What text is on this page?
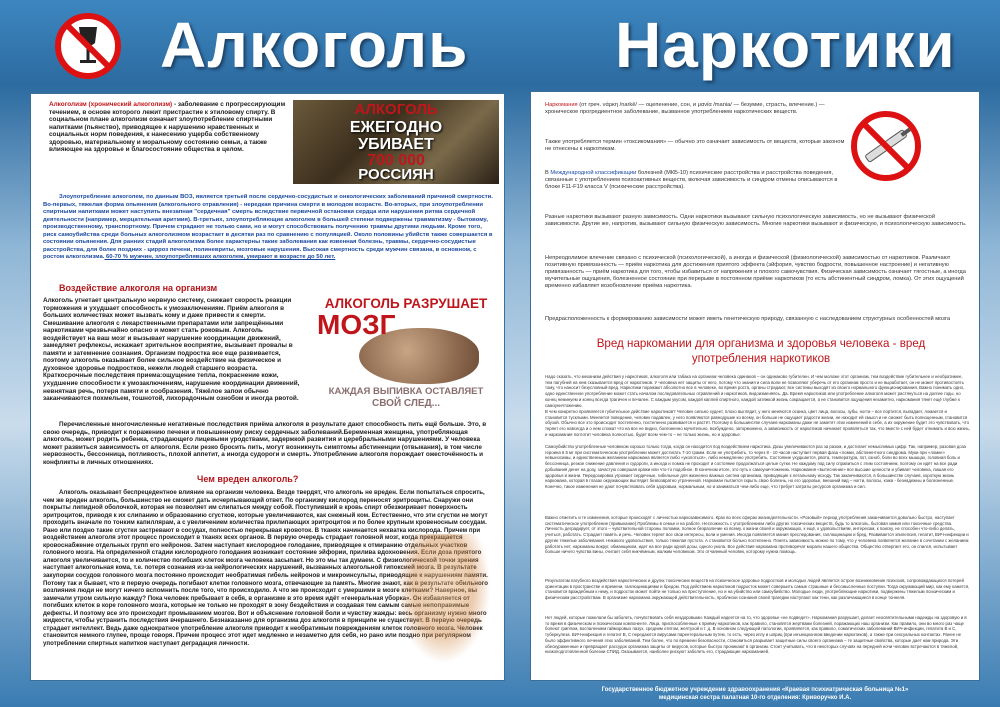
Алкоголь Наркотики
Алкоголизм (хронический алкоголизм) - заболевание с прогрессирующим течением, в основе которого лежит пристрастие к этиловому спирту. В социальном плане алкоголизм означает злоупотребление спиртными напитками (пьянство), приводящее к нарушению нравственных и социальных норм поведения, к нанесению ущерба собственному здоровью, материальному и моральному состоянию семьи, а также влияющее на здоровье и благосостояние общества в целом.
АЛКОГОЛЬ
ЕЖЕГОДНО
УБИВАЕТ
700 000
РОССИЯН
Злоупотребление алкоголем, по данным ВОЗ, является третьей после сердечно-сосудистых и онкологических заболеваний причиной смертности. Во-первых, тяжелая форма опьянения (алкогольного отравления) - нередкая причина смерти в молодом возрасте. Во-вторых, при злоупотреблении спиртными напитками может наступить внезапная "сердечная" смерть вследствие первичной остановки сердца или нарушения ритма сердечной деятельности (например, мерцательная аритмия). В-третьих, злоупотребляющие алкоголем в большей степени подвержены травматизму - бытовому, производственному, транспортному. Причем страдают не только сами, но и могут способствовать получению травмы другими людьми. Кроме того, риск самоубийства среди больных алкоголизмом возрастает в десятки раз по сравнению с популяцией. Около половины убийств также совершается в состоянии опьянения. Для ранних стадий алкоголизма более характерны такие заболевания как язвенная болезнь, травмы, сердечно-сосудистые расстройства, для более поздних - цирроз печени, полиневриты, мозговые нарушения. Высокая смертность среди мужчин связана, в основном, с ростом алкоголизма. 60-70 % мужчин, злоупотреблявших алкоголем, умирают в возрасте до 50 лет.
Воздействие алкоголя на организм
Алкоголь угнетает центральную нервную систему, снижает скорость реакции торможения и ухудшает способность к умозаключениям. Приём алкоголя в больших количествах может вызвать кому и даже привести к смерти. Смешивание алкоголя с лекарственными препаратами или запрещёнными наркотиками чрезвычайно опасно и может стать роковым. Алкоголь воздействует на ваш мозг и вызывает нарушение координации движений, замедляет рефлексы, искажает зрительное восприятие, вызывает провалы в памяти и затемнение сознания. Организм подростка все еще развивается, поэтому алкоголь оказывает более сильное воздействие на физическое и духовное здоровье подростков, нежели людей старшего возраста. Краткосрочные последствия приема:ощущение тепла, покраснение кожи, ухудшение способности к умозаключениям, нарушение координации движений, невнятная речь, потеря памяти и сообразения. Тяжёлое запои обычно заканчиваются похмельем, тошнотой, лихорадочным ознобом и иногда рвотой.
АЛКОГОЛЬ РАЗРУШАЕТ
МОЗГ
КАЖДАЯ ВЫПИВКА ОСТАВЛЯЕТ
СВОЙ СЛЕД...
Перечисленные многочисленные негативные последствия приёма алкоголя в результате дают способность пить ещё больше. Это, в свою очередь, приводит к поражению печени и повышенному риску сердечных заболеваний.Беременная женщина, употребляющая алкоголь, может родить ребенка, страдающего лицевыми уродствами, задержкой развития и церебральными нарушениями. У человека может развиться зависимость от алкоголя. Если резко бросить пить, могут возникнуть симптомы абстиненции (отвыкания), в том числе нервозность, бессонница, потливость, плохой аппетит, а иногда судороги и смерть. Употребление алкоголя порождает ожесточённость и конфликты в личных отношениях.
Чем вреден алкоголь?
Алкоголь оказывает беспрецедентное влияние на организм человека. Везде твердят, что алкоголь не вреден. Если попытаться спросить, чем же вреден алкоголь, большинство не сможет дать исчерпывающий ответ. По организму кислород переносят эритроциты. Снаружи они покрыты липидной оболочкой, которая не позволяет им слипаться между собой. Поступивший в кровь спирт обезжиривает поверхность эритроцитов, приводя к их слипанию и образованию сгустков, которые увеличиваются, как снежный ком. Естественно, что эти сгустки не могут проходить вначале по тонким капиллярам, а с увеличением количества прилипающих эритроцитов и по более крупным кровеносным сосудам. Рано или поздно такие сгустки застревают в сосудах, полностью перекрывая кровоток. В тканях начинается нехватка кислорода. Причем при воздействием алкоголя этот процесс происходит в тканях всех органов. В первую очередь страдает головной мозг, когда прекращается кровоснабжение отдельных групп его нейронов. Затем наступает кислородное голодание, приводящее к отмиранию отдельных участков головного мозга. На определенной стадии кислородного голодания возникает состояние эйфории, прилива вдохновения. Если доза приятого алкоголя увеличивается, то и количество погибших клеток мозга человека засыпает. Но это мы так думаем. С физиологической точки зрения наступает алкогольная кома, т.е. потеря сознания из-за нейрологических нарушений, вызванных алкогольной гипоксией мозга. В результате закупорки сосудов головного мозга постоянно происходит необратимая гибель нейронов и микроинсульты, приводящие к нарушениям памяти. Потому так и бывает, что в первую очередь погибают клетки головного мозга, отвечающие за память. Многие знают, как в результате обильного возлияния люди не могут ничего вспомнить после того, что происходило. А что же происходит с умершими в мозге клетками? Наверное, вы замечали утром сильную жажду? Пока человек пребывает в себя, в организме в это время идёт «генеральная уборка». Он избавляется от погибших клеток в коре головного мозга, которые не только не проходят в зону бездействия и создавая тем самым самые непоправимые дефекты. И поэтому все это происходит промыванием мозгов. Вот и объяснение головной боли и чувству жажды: весь организму нужно много жидкости, чтобы устранить последствия вчерашнего. Безнаказанно для организма доз алкоголя в принципе не существует. В первую очередь страдает интеллект. Ведь даже однократное употребление алкоголя приводит к необратимым повреждениям клеток головного мозга. Человек становится немного глупее, проще говоря. Причем процесс этот идет медленно и незаметно для себя, но рано или поздно при регулярном употреблении спиртных напитков наступает деградация личности.
Наркомания (от греч. νάρκη /narkē/ — оцепенение, сон, и μανία /mania/ — безумие, страсть, влечение.) — хроническое прогредиентное заболевание, вызванное употреблением наркотических веществ.
Также употребляется термин «токсикомания» — обычно это означает зависимость от веществ, которые законом не отнесены к наркотикам.
В Международной классификации болезней (МКБ-10) психические расстройства и расстройства поведения, связанные с употреблением психоактивных веществ, включая зависимость и синдром отмены описываются в блоке F11-F19 класса V (психические расстройства).
Разные наркотики вызывают разную зависимость. Одни наркотики вызывают сильную психологическую зависимость, но не вызывают физической зависимости. Другие же, напротив, вызывают сильную физическую зависимость. Многие наркотики вызывают и физическую, и психологическую зависимость.
Непреодолимое влечение связано с психической (психологической), а иногда и физической (физиологической) зависимостью от наркотиков. Различают позитивную привязанность — приём наркотика для достижения приятого эффекта (эйфория, чувство бодрости, повышенное настроение) и негативную привязанность — приём наркотика для того, чтобы избавиться от напряжения и плохого самочувствия. Физическая зависимость означает тягостные, а иногда мучительные ощущения, болезненное состояние при перерыве в постоянном приёме наркотиков (то есть абстинентный синдром, ломка). От этих ощущений временно избавляет возобновление приёма наркотика.
Предрасположенность к формированию зависимости может иметь генетическую природу, связанную с наследованием структурных особенностей мозга
Вред наркомании для организма и здоровья человека - вред употребления наркотиков
Надо сказать, что механизм действия у наркотиков, алкоголя или табака на организм человека одинаков – он одинаково губителен. И чем моложе этот организм, тем воздействие губительнее и необратимее, тем пагубней на нем сказывается вред от наркотиков. У человека нет защиты от него, потому что знания и сила воли не позволяют уберечь от его организм просто и не выработает, он не может противостоять тому, что наносит безусловный вред. Наркотики поражают абсолютно все в человеке, во время роста, органы страдают, все системы выходят из своего нормального функционирования. Важно понимать одно, одно единственное употребление может стать началом последовательных отравлений и наркотиков, видоизменяясь. Да. Время наркотиков или употребление алкоголя может растянуться на долгие годы, но конец неминуем и конец всегда трагичен и печален. С каждым укусом, каждой каплей спиртного, каждой затяжкой жизнь сокращается, а не становится ощущения незаметно, наркомания тянет ещё глубже к самоуничтожению.
В чем конкретно проявляется губительное действие наркотиков? Человек сильно худеет, плохо выглядит, у него меняются осанка, цвет лица, волосы, зубы, ногти – все портится, выпадает, ломается и становится тусклыми. Меняется поведение, человек подавлен, у него появляются равнодушие ко всему, он больше не ощущает радости жизни, не находит ей смысл и не сможет быть полноценным, становится обузой. Обычно все это происходит постепенно, постепенно развивается и растёт. Поэтому в большинстве случаев наркоманы даже не заметят этих изменений в себе, а их окружение будет это чувствовать, что теряет его навсегда и о нем сложат что на все не видно, болезненно мучительно, возбуждено, заторможено, а зависимость от наркотиков начинает проявляться так, что вместе с ней будет отнимать и всю жизнь, и наркомания поглотит человека полностью, будет всем чем-то – не только жизнь, но и здоровье.
Самоубийство употребленные человеком хорошо только тогда, когда он находится под воздействием наркотика. Дозы увеличиваются раз за разом, и достигает немыслимых цифр. Так, например, разовая доза героина в 5 мг при систематическом употреблении может достигать 7-10 грамм. Если не употребить, то через 8 - 10 часов наступает первая фаза «ломки, абстинентного синдрома. Муки при «ломке» невыносимы, и единственным желанием наркомана является либо «уколоться», либо немедленно употребить. Состояние ухудшается, рвота, температура, пот, озноб, боли во всех мышцах, головная боль и бессонница, резкое снижение давления и судороги, а иногда и ломка не проходит и состояние продолжаться целые сутки. Не каждому под силу справиться с этим состоянием, поэтому он идёт на все ради добывания денег на дозу, зачастую совершая кражи или что-то подобное. В конечном итоге, это путь к самоуничтожению. Наркомания «вытеснение» все высшие ценности и убивает человека, лишая его здоровья и жизни. Передозировка угрожает сердечные, гибельные для жизненно важных систем организма, приводящие к летальному исходу. Так заканчиваются, в большинстве случаев, короткую жизнь наркомана, которая в глазах окружающих выглядит безвозвратно утраченной. Наркоман пытается скрыть свою болезнь, но его здоровье, внешний вид – ногти, волосы, кожа - безнадежны и болезненные. Конечно, такое изменения не дают почувствовать себя здоровым, нормальным, но и заниматься чем-либо еще, что требует затраты ресурсов организма и сил.
Важно отметить и те изменения, которые происходят с личностью наркозависимого. Крах во всех сферах жизнедеятельности. «Розовый» период употребления заканчивается довольно быстро, наступает систематическое употребление (привыкание).Проблемы в семье и на работе. Несложность с употреблением либо других токсических веществ, будь то алкоголь, бытовая химия или токсичные средства. Личность деградирует, от этого – чувствительной стороны поломки, полное безразличие ко всему. к жизни своей и окружающих, к ещё, к удовольствиям, интересам, к поиску, не способен что-либо делать, учиться, работать. Страдает память и речь. Человек теряет все свои интересы, воли и умения. Иногда появляется мания преследования, галлюцинации и бред. Развивается эпилепсия, гепатит, ВИЧ-инфекции и другие тяжелые заболевания. Никакого удовольствия, только тяжелая пустота. А становится больно постепенно. Понять зависимость можно по тому, что у человека появляется желание в сочетании с желанием работать нет, наркоманы вокруг, обманщиком, идет на все ради одной дозы, одного укола. Все действия наркомана противоречат морали нашего общества. Общество отвергает его, он спился, испытывает больше ничего чувства вины, считает себя никчёмным, жалким человеком. Это отчаянный человек, которому нужна помощь.
Результатом пагубного воздействия наркотических и других токсических веществ на психическое здоровье подростков и молодых людей является острое возникновение психозов, сопровождающихся потерей ориентации в пространстве и времени, галлюцинациями и бредом. Под действием наркотиков подросток может совершить самые страшные и бессмысленные поступки. Тогда окружающий мир, как ему кажется, становится враждебным к нему, и подросток может пойти не только на преступление, но и на убийство или самоубийство. Молодые люди, употребляющие наркотики, подвержены тяжелым психическим и физическим расстройствам. В организме наркомана окружающей действительность, проблески сознания своей трагедии наступают как тени, как различающиеся в конце тоннеля.
Нет людей, которые пожелали бы заболеть, почувствовать себя нездоровыми. Каждый надеется на то, что здоровье «не подведет». Наркомания разрушает, делает неосвятительными надежды на здоровую и в то время в физическом и психическом компоненте. Лица, приспособленные к приёму наркотиков, как правило, становятся жертвами болезней, поражающих наш организм. Как правило, они во много раз чаще болеют гриппом, воспалением гайморовых пазух, средним отитом, желтухой и т. д. В основном следующей патологии, проявляется, как правило, соматических заболеваний ВИЧ-инфекции, гепатита В и С, туберкулеза. ВИЧ-инфекция и гепатит В, С передаются вирусами парентеральным путем, то есть, через иглу и шприц (при инъекционном введении наркотиков), а также при сексуальных контактах. Ранее не было эффективного лечения этих заболеваний. Тем более, что по времени безопасности, становиться разрывает защитные силы своего организма – те защитные свойства, которые дает нам природа. Эти обескураженные и превращает рассудок организма защиты от вирусов, которые быстро проникают в организм. Стоит учитывать, что в некоторых случаях на передней ночи человек встречаются в тяжелой, низкоподготовленной болезни СПИД. Оказывается, наиболее рискуют заболеть его, страдающие наркоманией.
Государственное бюджетное учреждение здравоохранения «Краевая психиатрическая больница №1»
медицинская сестра палатная 10-го отделения: Криворучко И.А.
